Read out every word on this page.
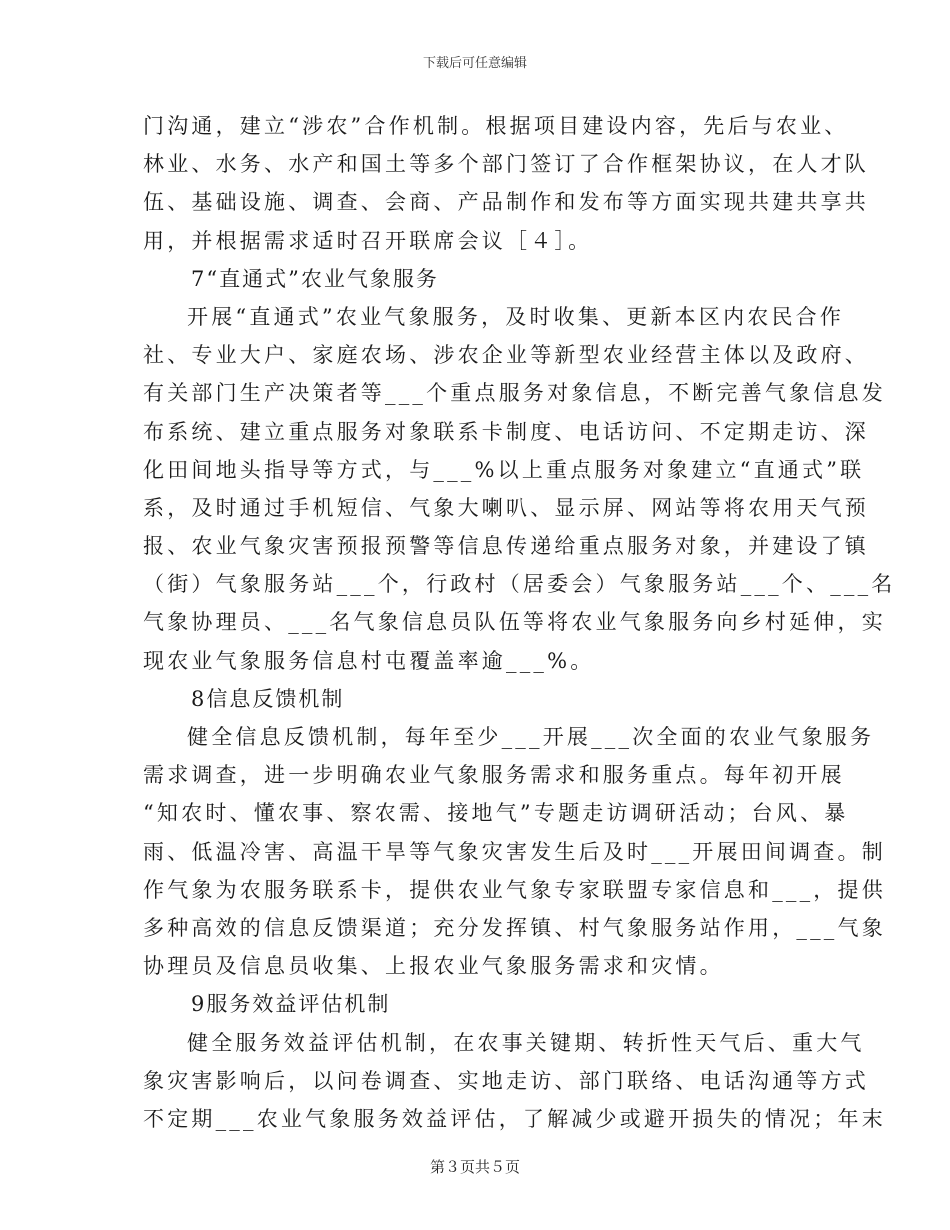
下载后可任意编辑
门沟通，建立“涉农”合作机制。根据项目建设内容，先后与农业、
林业、水务、水产和国土等多个部门签订了合作框架协议，在人才队
伍、基础设施、调查、会商、产品制作和发布等方面实现共建共享共
用，并根据需求适时召开联席会议［４］。
7“直通式”农业气象服务
开展“直通式”农业气象服务，及时收集、更新本区内农民合作
社、专业大户、家庭农场、涉农企业等新型农业经营主体以及政府、
有关部门生产决策者等___个重点服务对象信息，不断完善气象信息发
布系统、建立重点服务对象联系卡制度、电话访问、不定期走访、深
化田间地头指导等方式，与___%以上重点服务对象建立“直通式”联
系，及时通过手机短信、气象大喇叭、显示屏、网站等将农用天气预
报、农业气象灾害预报预警等信息传递给重点服务对象，并建设了镇
（街）气象服务站___个，行政村（居委会）气象服务站___个、___名
气象协理员、___名气象信息员队伍等将农业气象服务向乡村延伸，实
现农业气象服务信息村屯覆盖率逾___%。
8信息反馈机制
健全信息反馈机制，每年至少___开展___次全面的农业气象服务
需求调查，进一步明确农业气象服务需求和服务重点。每年初开展
“知农时、懂农事、察农需、接地气”专题走访调研活动；台风、暴
雨、低温冷害、高温干旱等气象灾害发生后及时___开展田间调查。制
作气象为农服务联系卡，提供农业气象专家联盟专家信息和___，提供
多种高效的信息反馈渠道；充分发挥镇、村气象服务站作用，___气象
协理员及信息员收集、上报农业气象服务需求和灾情。
9服务效益评估机制
健全服务效益评估机制，在农事关键期、转折性天气后、重大气
象灾害影响后，以问卷调查、实地走访、部门联络、电话沟通等方式
不定期___农业气象服务效益评估，了解减少或避开损失的情况；年末
第３页共５页
